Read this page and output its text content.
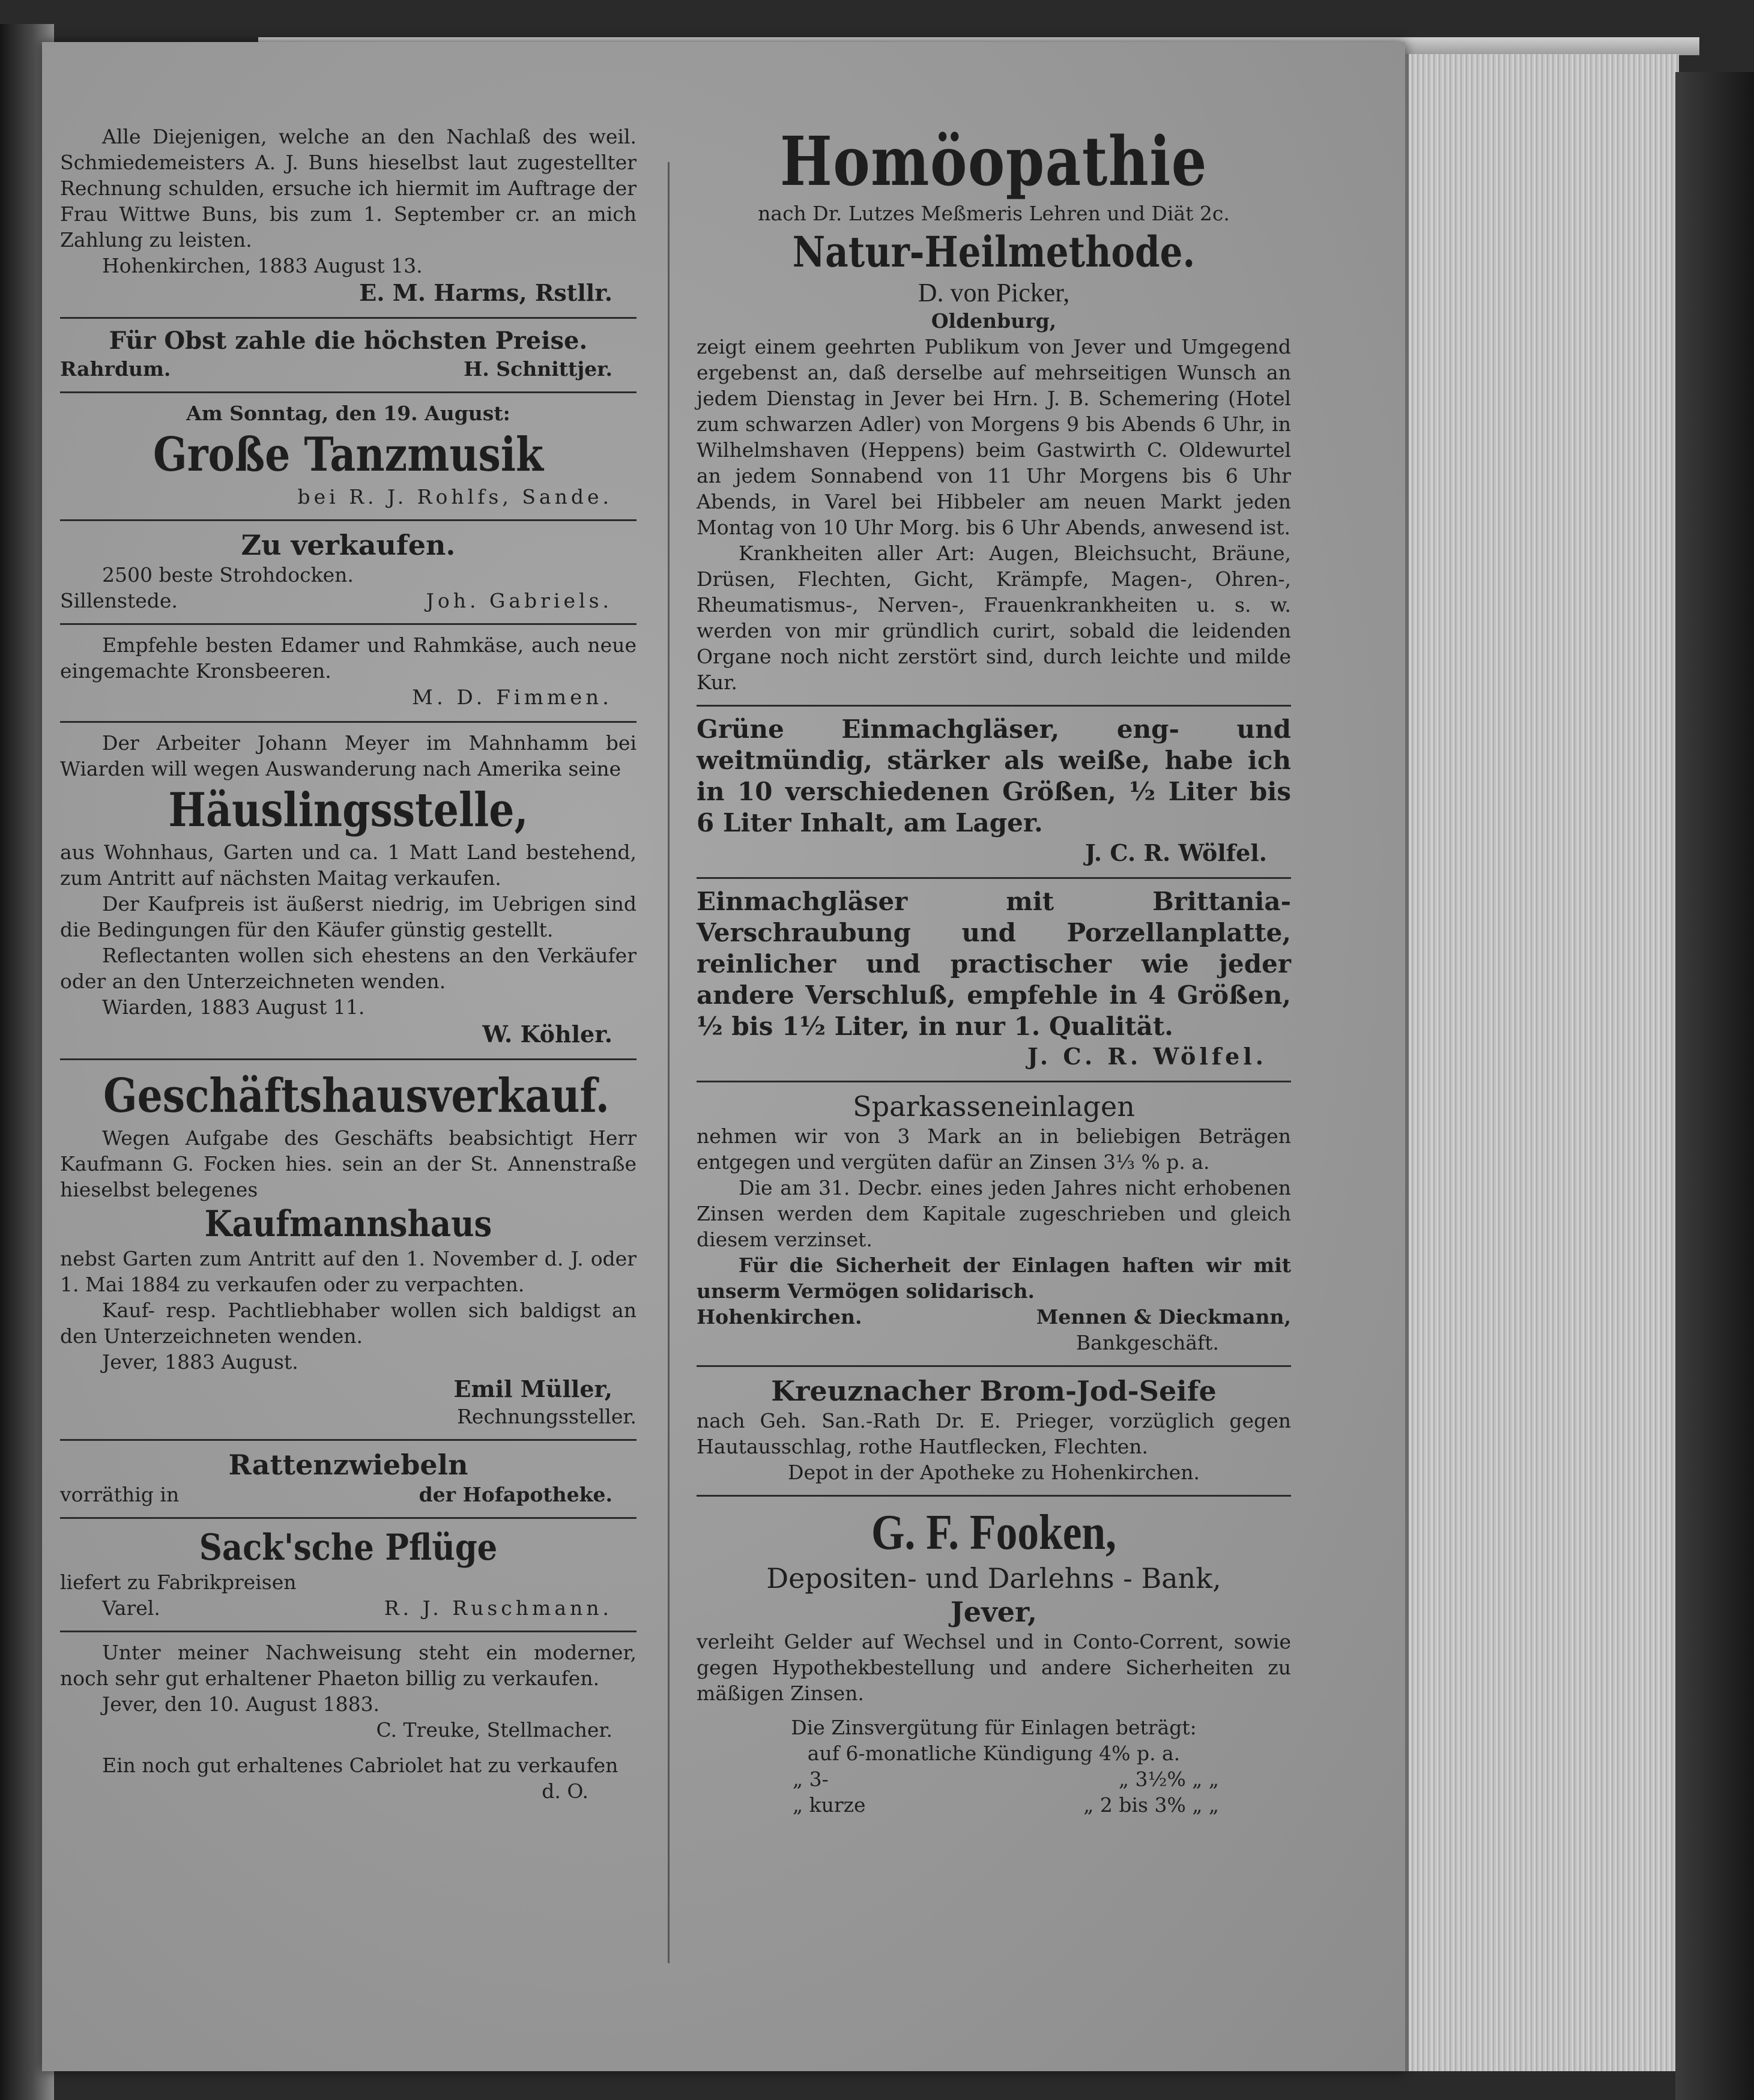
Alle Diejenigen, welche an den Nachlaß des weil. Schmiedemeisters A. J. Buns hieselbst laut zugestellter Rechnung schulden, ersuche ich hiermit im Auftrage der Frau Wittwe Buns, bis zum 1. September cr. an mich Zahlung zu leisten.
Hohenkirchen, 1883 August 13.
E. M. Harms, Rstllr.
Für Obst zahle die höchsten Preise.
Rahrdum.	H. Schnittjer.
Am Sonntag, den 19. August:
Große Tanzmusik
bei R. J. Rohlfs, Sande.
Zu verkaufen.
2500 beste Strohdocken.
Sillenstede.	Joh. Gabriels.
Empfehle besten Edamer und Rahmkäse, auch neue eingemachte Kronsbeeren.
M. D. Fimmen.
Der Arbeiter Johann Meyer im Mahnhamm bei Wiarden will wegen Auswanderung nach Amerika seine
Häuslingsstelle,
aus Wohnhaus, Garten und ca. 1 Matt Land bestehend, zum Antritt auf nächsten Maitag verkaufen.
Der Kaufpreis ist äußerst niedrig, im Uebrigen sind die Bedingungen für den Käufer günstig gestellt.
Reflectanten wollen sich ehestens an den Verkäufer oder an den Unterzeichneten wenden.
Wiarden, 1883 August 11.
W. Köhler.
Geschäftshausverkauf.
Wegen Aufgabe des Geschäfts beabsichtigt Herr Kaufmann G. Focken hies. sein an der St. Annenstraße hieselbst belegenes
Kaufmannshaus
nebst Garten zum Antritt auf den 1. November d. J. oder 1. Mai 1884 zu verkaufen oder zu verpachten.
Kauf- resp. Pachtliebhaber wollen sich baldigst an den Unterzeichneten wenden.
Jever, 1883 August.
Emil Müller,
Rechnungssteller.
Rattenzwiebeln
vorräthig in	der Hofapotheke.
Sack'sche Pflüge
liefert zu Fabrikpreisen
Varel.	R. J. Ruschmann.
Unter meiner Nachweisung steht ein moderner, noch sehr gut erhaltener Phaeton billig zu verkaufen.
Jever, den 10. August 1883.
C. Treuke, Stellmacher.
Ein noch gut erhaltenes Cabriolet hat zu verkaufen
d. O.
Homöopathie
nach Dr. Lutzes Meßmeris Lehren und Diät 2c.
Natur-Heilmethode.
D. von Picker,
Oldenburg,
zeigt einem geehrten Publikum von Jever und Umgegend ergebenst an, daß derselbe auf mehrseitigen Wunsch an jedem Dienstag in Jever bei Hrn. J. B. Schemering (Hotel zum schwarzen Adler) von Morgens 9 bis Abends 6 Uhr, in Wilhelmshaven (Heppens) beim Gastwirth C. Oldewurtel an jedem Sonnabend von 11 Uhr Morgens bis 6 Uhr Abends, in Varel bei Hibbeler am neuen Markt jeden Montag von 10 Uhr Morg. bis 6 Uhr Abends, anwesend ist.
Krankheiten aller Art: Augen, Bleichsucht, Bräune, Drüsen, Flechten, Gicht, Krämpfe, Magen-, Ohren-, Rheumatismus-, Nerven-, Frauenkrankheiten u. s. w. werden von mir gründlich curirt, sobald die leidenden Organe noch nicht zerstört sind, durch leichte und milde Kur.
Grüne Einmachgläser, eng- und weitmündig, stärker als weiße, habe ich in 10 verschiedenen Größen, ½ Liter bis 6 Liter Inhalt, am Lager.
J. C. R. Wölfel.
Einmachgläser mit Brittania-Verschraubung und Porzellanplatte, reinlicher und practischer wie jeder andere Verschluß, empfehle in 4 Größen, ½ bis 1½ Liter, in nur 1. Qualität.
J. C. R. Wölfel.
Sparkasseneinlagen
nehmen wir von 3 Mark an in beliebigen Beträgen entgegen und vergüten dafür an Zinsen 3⅓ % p. a.
Die am 31. Decbr. eines jeden Jahres nicht erhobenen Zinsen werden dem Kapitale zugeschrieben und gleich diesem verzinset.
Für die Sicherheit der Einlagen haften wir mit unserm Vermögen solidarisch.
Hohenkirchen.	Mennen & Dieckmann,
Bankgeschäft.
Kreuznacher Brom-Jod-Seife
nach Geh. San.-Rath Dr. E. Prieger, vorzüglich gegen Hautausschlag, rothe Hautflecken, Flechten.
Depot in der Apotheke zu Hohenkirchen.
G. F. Fooken,
Depositen- und Darlehns - Bank,
Jever,
verleiht Gelder auf Wechsel und in Conto-Corrent, sowie gegen Hypothekbestellung und andere Sicherheiten zu mäßigen Zinsen.
Die Zinsvergütung für Einlagen beträgt:
auf 6-monatliche Kündigung 4% p. a.
„ 3-	„ 3½% „ „
„ kurze	„ 2 bis 3% „ „
